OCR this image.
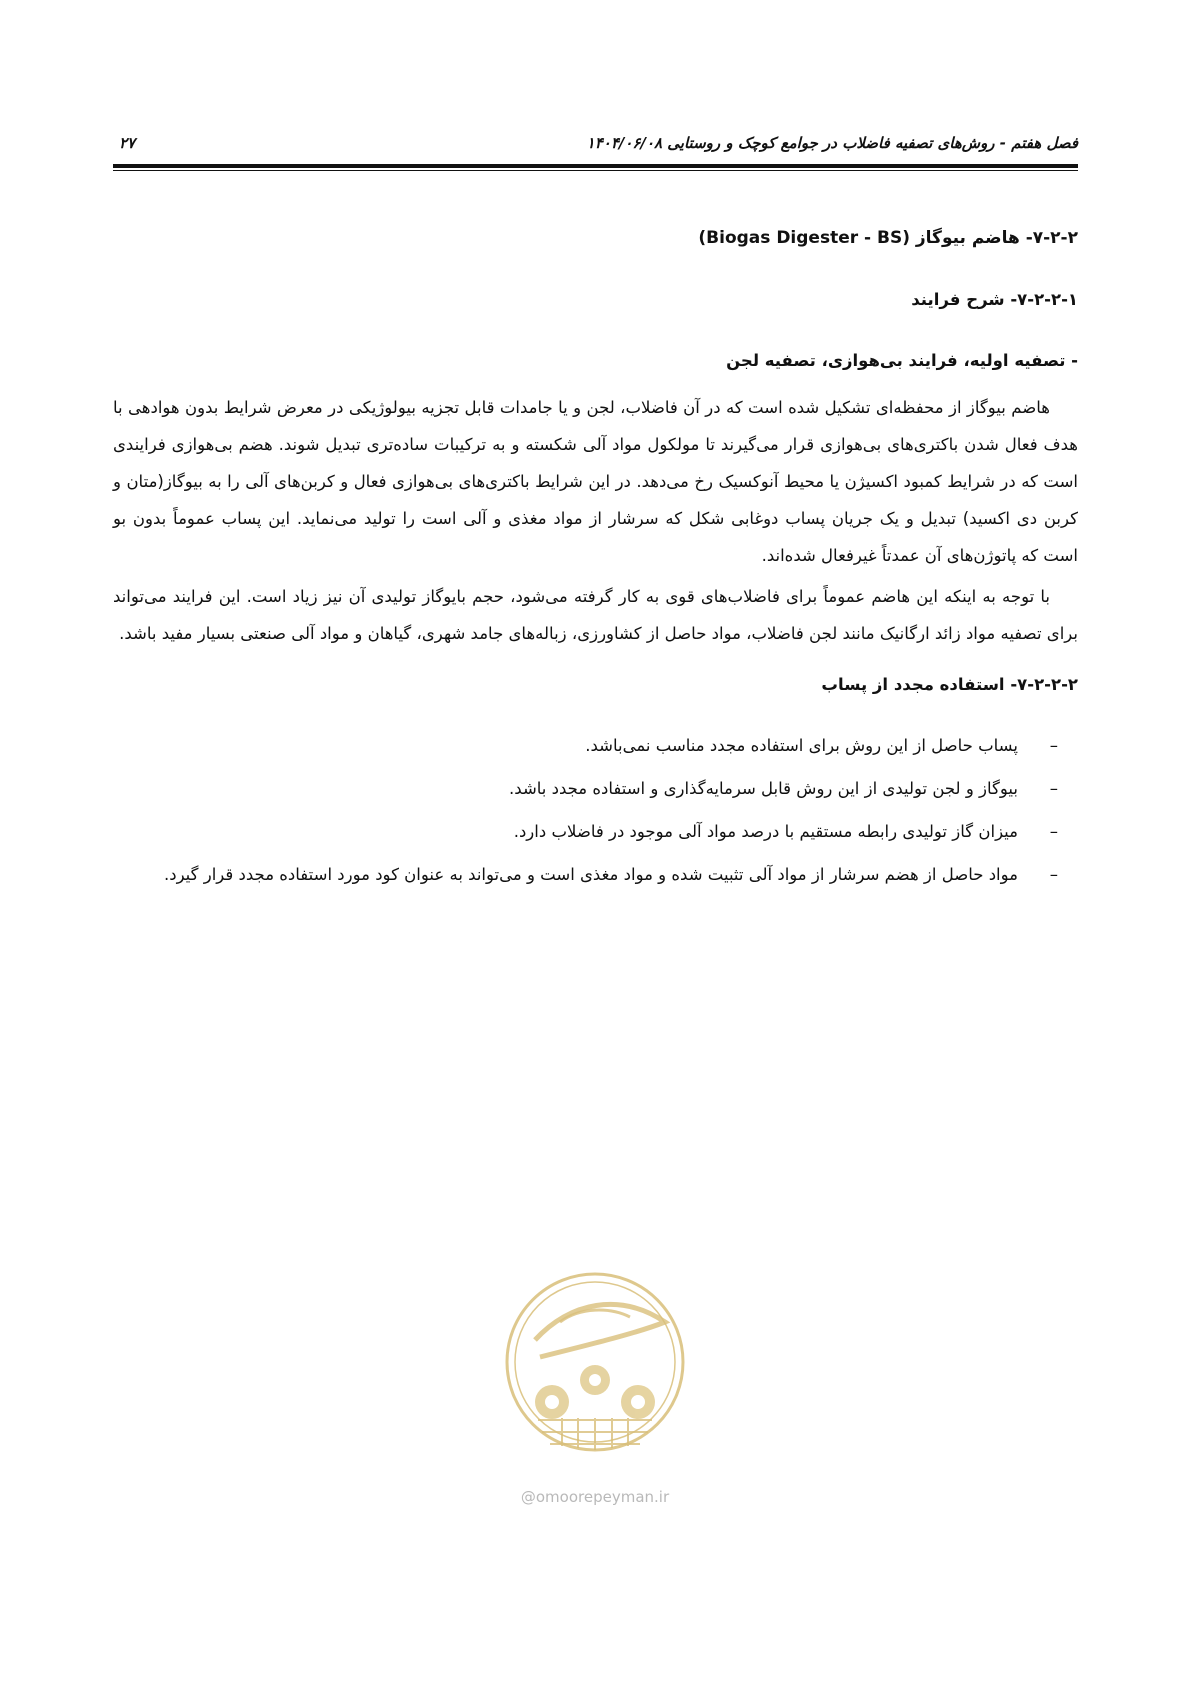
فصل هفتم - روش‌های تصفیه فاضلاب در جوامع کوچک و روستایی ۱۴۰۴/۰۶/۰۸
۲۷
۷-۲-۲- هاضم بیوگاز (Biogas Digester - BS)
۷-۲-۲-۱- شرح فرایند
- تصفیه اولیه، فرایند بی‌هوازی، تصفیه لجن

هاضم بیوگاز از محفظه‌ای تشکیل شده است که در آن فاضلاب، لجن و یا جامدات قابل تجزیه بیولوژیکی در معرض شرایط بدون هوادهی با هدف فعال شدن باکتری‌های بی‌هوازی قرار می‌گیرند تا مولکول مواد آلی شکسته و به ترکیبات ساده‌تری تبدیل شوند. هضم بی‌هوازی فرایندی است که در شرایط کمبود اکسیژن یا محیط آنوکسیک رخ می‌دهد. در این شرایط باکتری‌های بی‌هوازی فعال و کربن‌های آلی را به بیوگاز(متان و کربن دی اکسید) تبدیل و یک جریان پساب دوغابی شکل که سرشار از مواد مغذی و آلی است را تولید می‌نماید. این پساب عموماً بدون بو است که پاتوژن‌های آن عمدتاً غیرفعال شده‌اند.

با توجه به اینکه این هاضم عموماً برای فاضلاب‌های قوی به کار گرفته می‌شود، حجم بایوگاز تولیدی آن نیز زیاد است. این فرایند می‌تواند برای تصفیه مواد زائد ارگانیک مانند لجن فاضلاب، مواد حاصل از کشاورزی، زباله‌های جامد شهری، گیاهان و مواد آلی صنعتی بسیار مفید باشد.

۷-۲-۲-۲- استفاده مجدد از پساب
–
پساب حاصل از این روش برای استفاده مجدد مناسب نمی‌باشد.
–
بیوگاز و لجن تولیدی از این روش قابل سرمایه‌گذاری و استفاده مجدد باشد.
–
میزان گاز تولیدی رابطه مستقیم با درصد مواد آلی موجود در فاضلاب دارد.
–
مواد حاصل از هضم سرشار از مواد آلی تثبیت شده و مواد مغذی است و می‌تواند به عنوان کود مورد استفاده مجدد قرار گیرد.
@omoorepeyman.ir
